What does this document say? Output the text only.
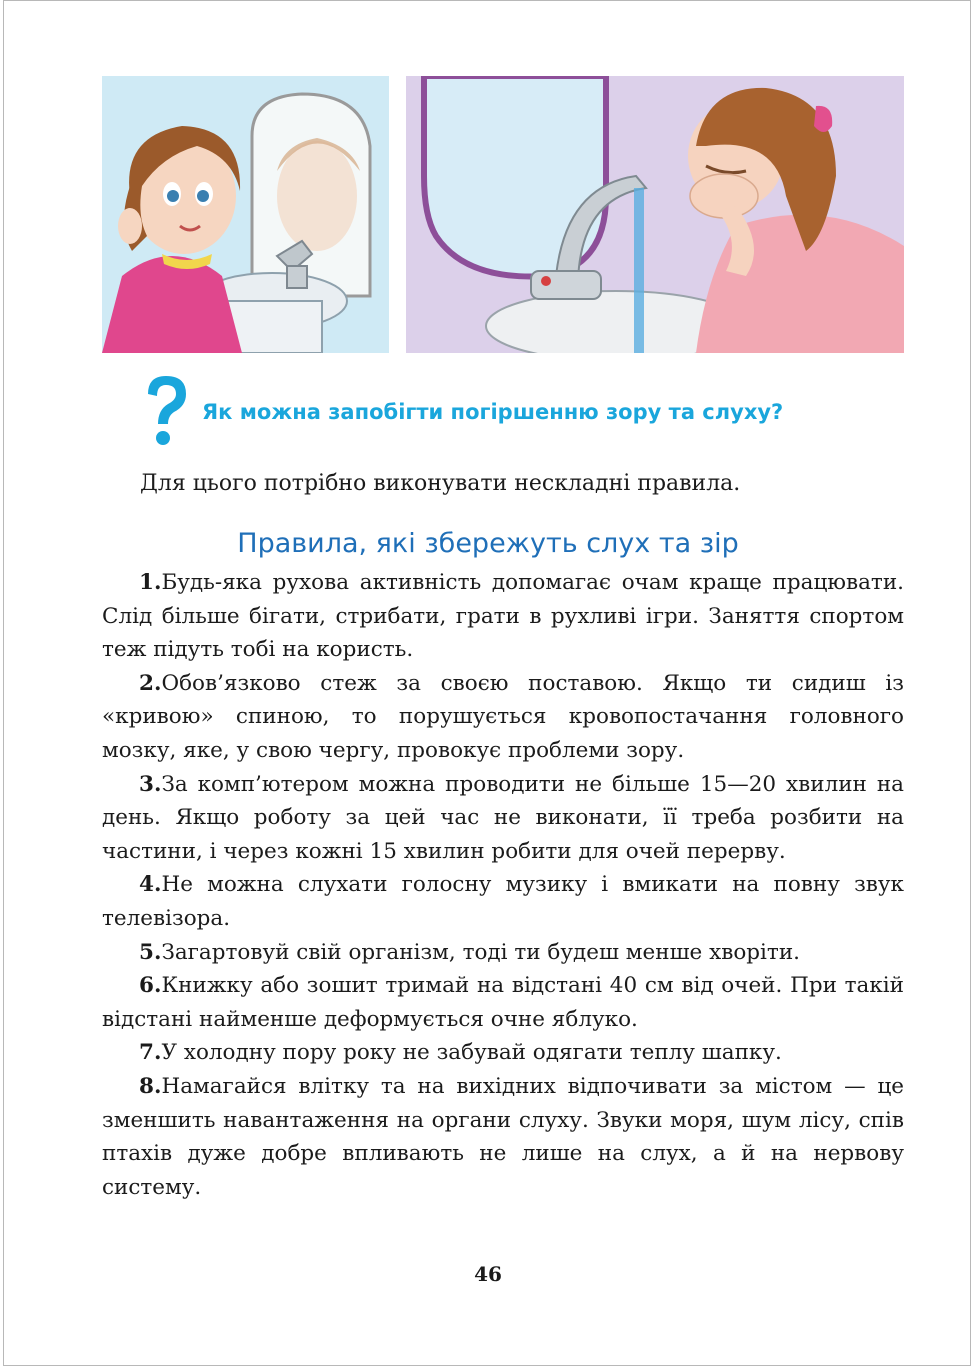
Як можна запобігти погіршенню зору та слуху?
Для цього потрібно виконувати нескладні правила.
Правила, які збережуть слух та зір

1.Будь-яка рухова активність допомагає очам краще працювати. Слід більше бігати, стрибати, грати в рухливі ігри. Заняття спортом теж підуть тобі на користь.

2.Обов’язково стеж за своєю поставою. Якщо ти сидиш із «кривою» спиною, то порушується кровопостачання головного мозку, яке, у свою чергу, провокує проблеми зору.

3.За комп’ютером можна проводити не більше 15—20 хвилин на день. Якщо роботу за цей час не виконати, її треба розбити на частини, і через кожні 15 хвилин робити для очей перерву.

4.Не можна слухати голосну музику і вмикати на повну звук телевізора.

5.Загартовуй свій організм, тоді ти будеш менше хворіти.

6.Книжку або зошит тримай на відстані 40 см від очей. При такій відстані найменше деформується очне яблуко.

7.У холодну пору року не забувай одягати теплу шапку.

8.Намагайся влітку та на вихідних відпочивати за містом — це зменшить навантаження на органи слуху. Звуки моря, шум лісу, спів птахів дуже добре впливають не лише на слух, а й на нервову систему.

46
